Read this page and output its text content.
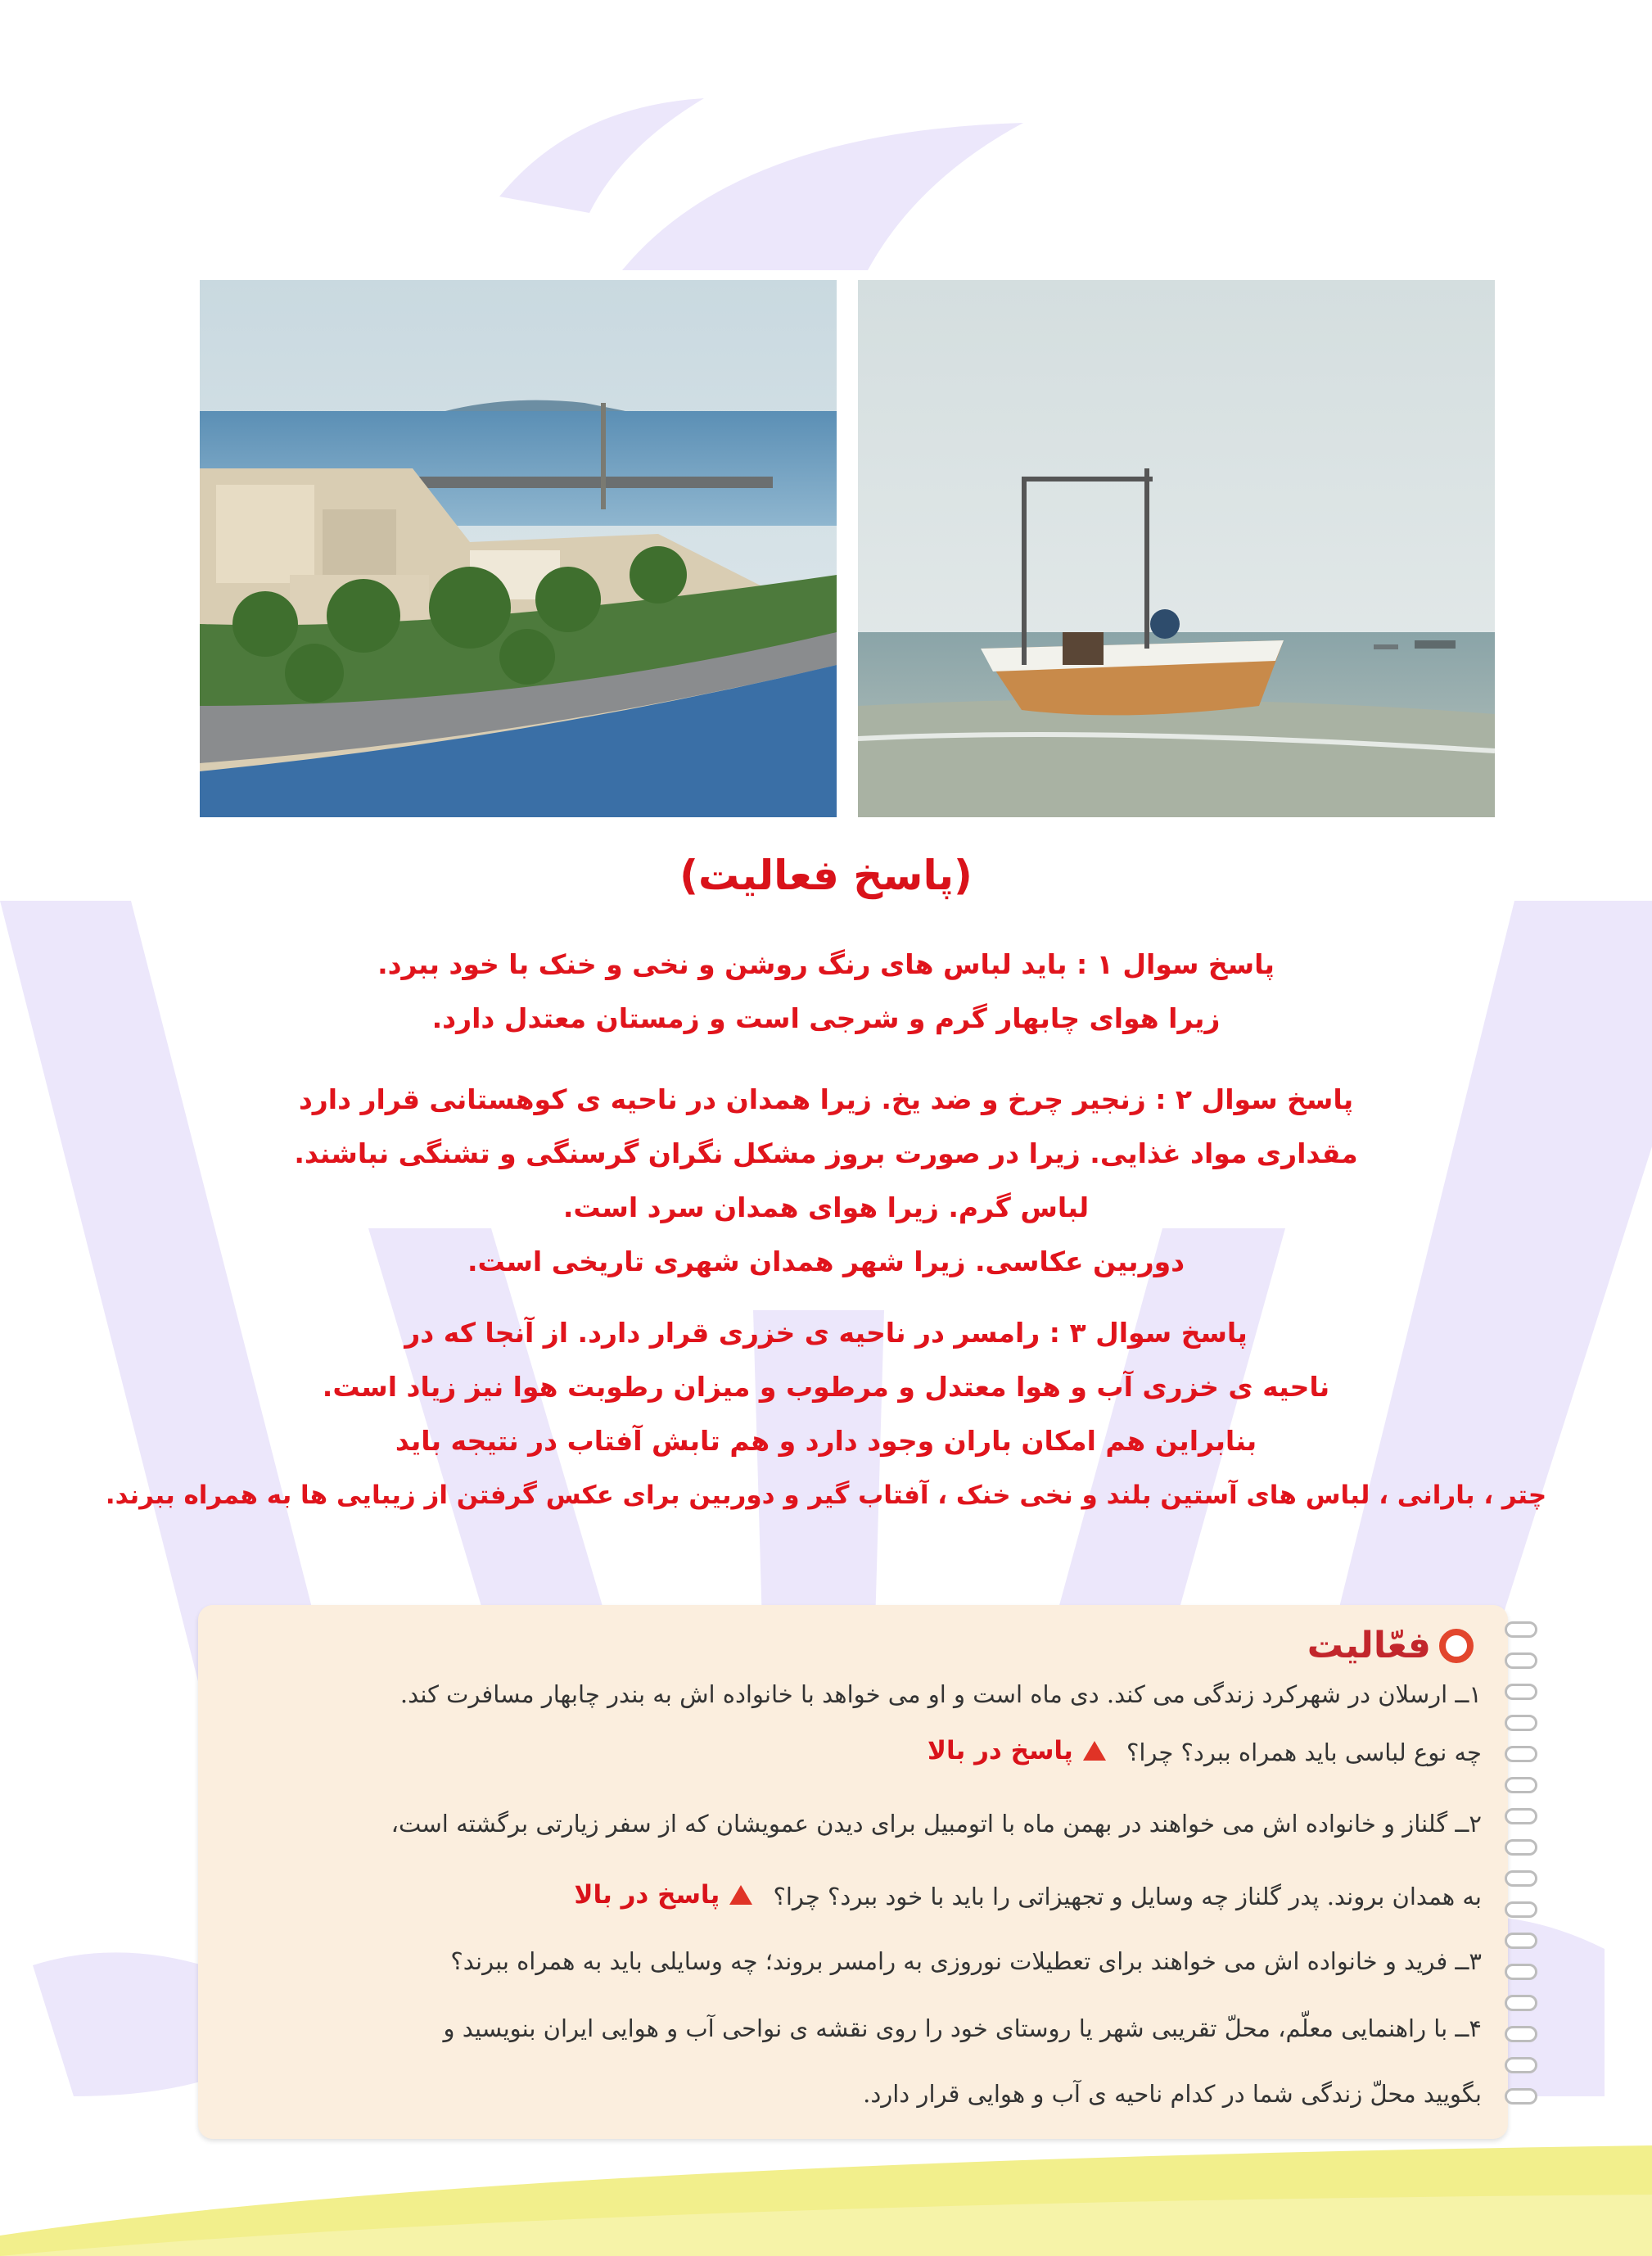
(پاسخ فعالیت)
پاسخ سوال ۱ : باید لباس های رنگ روشن و نخی و خنک با خود ببرد.
زیرا هوای چابهار گرم و شرجی است و زمستان معتدل دارد.
پاسخ سوال ۲ : زنجیر چرخ و ضد یخ. زیرا همدان در ناحیه ی کوهستانی قرار دارد
مقداری مواد غذایی. زیرا در صورت بروز مشکل نگران گرسنگی و تشنگی نباشند.
لباس گرم. زیرا هوای همدان سرد است.
دوربین عکاسی. زیرا شهر همدان شهری تاریخی است.
پاسخ سوال ۳ : رامسر در ناحیه ی خزری قرار دارد. از آنجا که در
ناحیه ی خزری آب و هوا معتدل و مرطوب و میزان رطوبت هوا نیز زیاد است.
بنابراین هم امکان باران وجود دارد و هم تابش آفتاب در نتیجه باید
چتر ، بارانی ، لباس های آستین بلند و نخی خنک ، آفتاب گیر و دوربین برای عکس گرفتن از زیبایی ها به همراه ببرند.
فعّالیت
۱ــ ارسلان در شهرکرد زندگی می کند. دی ماه است و او می خواهد با خانواده اش به بندر چابهار مسافرت کند.
چه نوع لباسی باید همراه ببرد؟ چرا؟
پاسخ در بالا
۲ــ گلناز و خانواده اش می خواهند در بهمن ماه با اتومبیل برای دیدن عمویشان که از سفر زیارتی برگشته است،
به همدان بروند. پدر گلناز چه وسایل و تجهیزاتی را باید با خود ببرد؟ چرا؟
پاسخ در بالا
۳ــ فرید و خانواده اش می خواهند برای تعطیلات نوروزی به رامسر بروند؛ چه وسایلی باید به همراه ببرند؟
۴ــ با راهنمایی معلّم، محلّ تقریبی شهر یا روستای خود را روی نقشه ی نواحی آب و هوایی ایران بنویسید و
بگویید محلّ زندگی شما در کدام ناحیه ی آب و هوایی قرار دارد.
